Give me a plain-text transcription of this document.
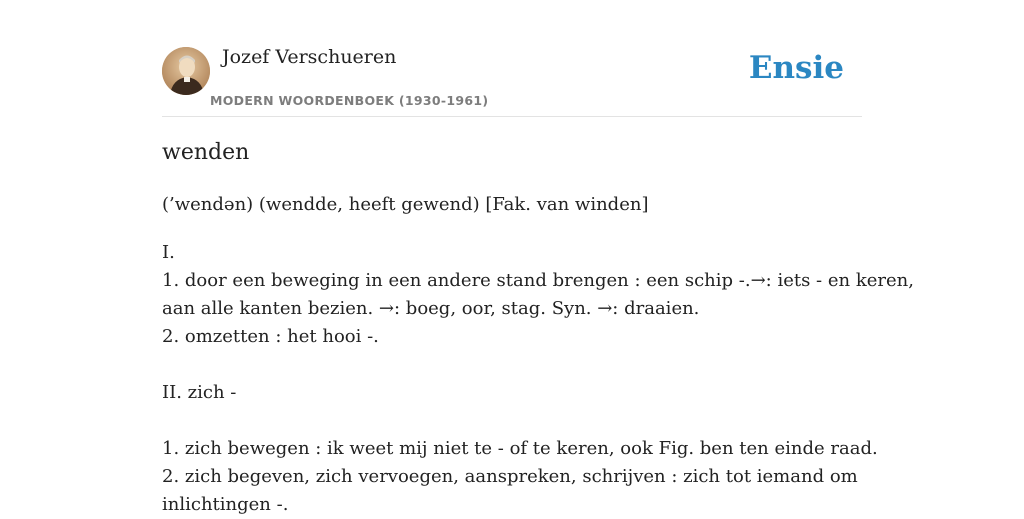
Jozef Verschueren
MODERN WOORDENBOEK (1930-1961)
Ensie
wenden
(’wendən) (wendde, heeft gewend) [Fak. van winden]
I.
1. door een beweging in een andere stand brengen : een schip -.→: iets - en keren,
aan alle kanten bezien. →: boeg, oor, stag. Syn. →: draaien.
2. omzetten : het hooi -.
II. zich -
1. zich bewegen : ik weet mij niet te - of te keren, ook Fig. ben ten einde raad.
2. zich begeven, zich vervoegen, aanspreken, schrijven : zich tot iemand om
inlichtingen -.
